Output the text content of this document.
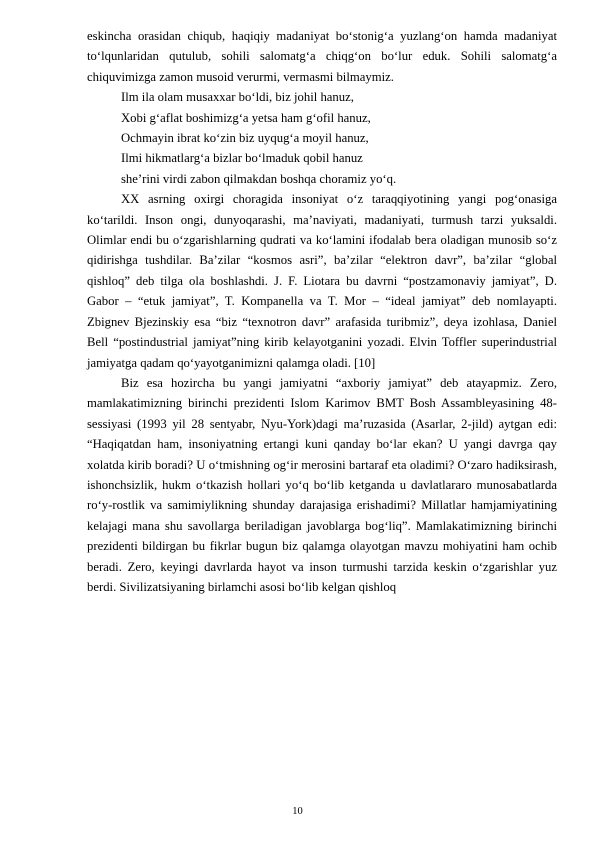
eskincha orasidan chiqub, haqiqiy madaniyat bo‘stonig‘a yuzlang‘on hamda madaniyat to‘lqunlaridan qutulub, sohili salomatg‘a chiqg‘on bo‘lur eduk. Sohili salomatg‘a chiquvimizga zamon musoid verurmi, vermasmi bilmaymiz.

Ilm ila olam musaxxar bo‘ldi, biz johil hanuz,

Xobi g‘aflat boshimizg‘a yetsa ham g‘ofil hanuz,

Ochmayin ibrat ko‘zin biz uyqug‘a moyil hanuz,

Ilmi hikmatlarg‘a bizlar bo‘lmaduk qobil hanuz

she’rini virdi zabon qilmakdan boshqa choramiz yo‘q.

XX asrning oxirgi choragida insoniyat o‘z taraqqiyotining yangi pog‘onasiga ko‘tarildi. Inson ongi, dunyoqarashi, ma’naviyati, madaniyati, turmush tarzi yuksaldi. Olimlar endi bu o‘zgarishlarning qudrati va ko‘lamini ifodalab bera oladigan munosib so‘z qidirishga tushdilar. Ba’zilar “kosmos asri”, ba’zilar “elektron davr”, ba’zilar “global qishloq” deb tilga ola boshlashdi. J. F. Liotara bu davrni “postzamonaviy jamiyat”, D. Gabor – “etuk jamiyat”, T. Kompanella va T. Mor – “ideal jamiyat” deb nomlayapti. Zbignev Bjezinskiy esa “biz “texnotron davr” arafasida turibmiz”, deya izohlasa, Daniel Bell “postindustrial jamiyat”ning kirib kelayotganini yozadi. Elvin Toffler superindustrial jamiyatga qadam qo‘yayotganimizni qalamga oladi. [10]

Biz esa hozircha bu yangi jamiyatni “axboriy jamiyat” deb atayapmiz. Zero, mamlakatimizning birinchi prezidenti Islom Karimov BMT Bosh Assambleyasining 48-sessiyasi (1993 yil 28 sentyabr, Nyu-York)dagi ma’ruzasida (Asarlar, 2-jild) aytgan edi: “Haqiqatdan ham, insoniyatning ertangi kuni qanday bo‘lar ekan? U yangi davrga qay xolatda kirib boradi? U o‘tmishning og‘ir merosini bartaraf eta oladimi? O‘zaro hadiksirash, ishonchsizlik, hukm o‘tkazish hollari yo‘q bo‘lib ketganda u davlatlararo munosabatlarda ro‘y-rostlik va samimiylikning shunday darajasiga erishadimi? Millatlar hamjamiyatining kelajagi mana shu savollarga beriladigan javoblarga bog‘liq”. Mamlakatimizning birinchi prezidenti bildirgan bu fikrlar bugun biz qalamga olayotgan mavzu mohiyatini ham ochib beradi. Zero, keyingi davrlarda hayot va inson turmushi tarzida keskin o‘zgarishlar yuz berdi. Sivilizatsiyaning birlamchi asosi bo‘lib kelgan qishloq

10
